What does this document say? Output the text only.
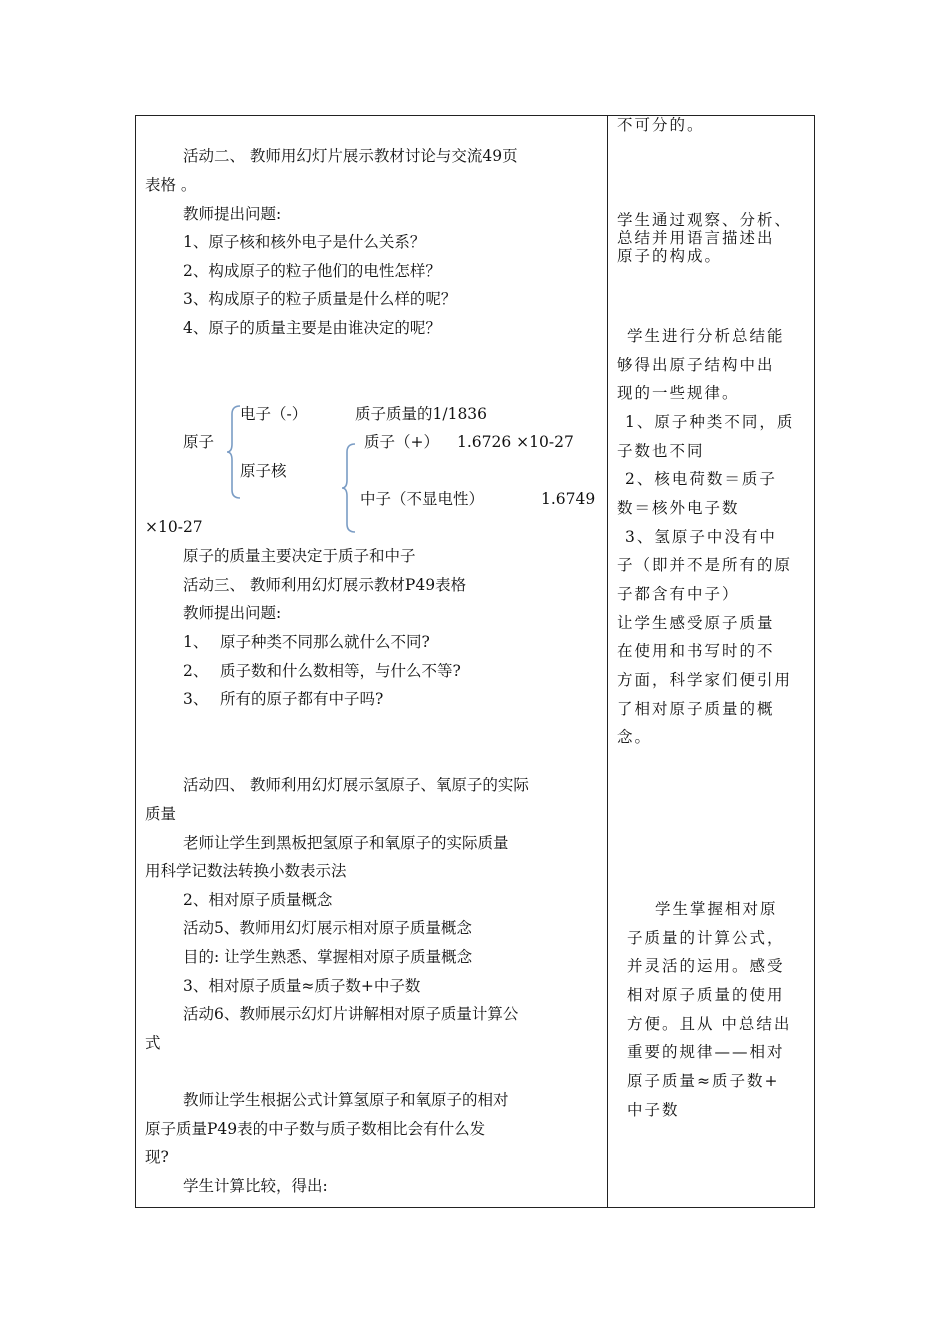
活动二、 教师用幻灯片展示教材讨论与交流49页
表格 。
教师提出问题:
1、原子核和核外电子是什么关系？
2、构成原子的粒子他们的电性怎样？
3、构成原子的粒子质量是什么样的呢？
4、原子的质量主要是由谁决定的呢？
原子
电子（-）	质子质量的1/1836
原子核
质子（+） 1.6726 ×10-27
中子（不显电性）	1.6749
×10-27
原子的质量主要决定于质子和中子
活动三、 教师利用幻灯展示教材P49表格
教师提出问题:
1、 原子种类不同那么就什么不同?
2、 质子数和什么数相等，与什么不等?
3、 所有的原子都有中子吗?
活动四、 教师利用幻灯展示氢原子、氧原子的实际
质量
老师让学生到黑板把氢原子和氧原子的实际质量
用科学记数法转换小数表示法
2、相对原子质量概念
活动5、教师用幻灯展示相对原子质量概念
目的: 让学生熟悉、掌握相对原子质量概念
3、相对原子质量≈质子数+中子数
活动6、教师展示幻灯片讲解相对原子质量计算公
式
教师让学生根据公式计算氢原子和氧原子的相对
原子质量P49表的中子数与质子数相比会有什么发
现?
学生计算比较，得出:
不可分的。
学生通过观察、分析、
总结并用语言描述出
原子的构成。
学生进行分析总结能
够得出原子结构中出
现的一些规律。
1、原子种类不同，质
子数也不同
2、核电荷数＝质子
数＝核外电子数
3、氢原子中没有中
子（即并不是所有的原
子都含有中子）
让学生感受原子质量
在使用和书写时的不
方面，科学家们便引用
了相对原子质量的概
念。
学生掌握相对原
子质量的计算公式，
并灵活的运用。感受
相对原子质量的使用
方便。且从 中总结出
重要的规律——相对
原子质量≈质子数+
中子数
